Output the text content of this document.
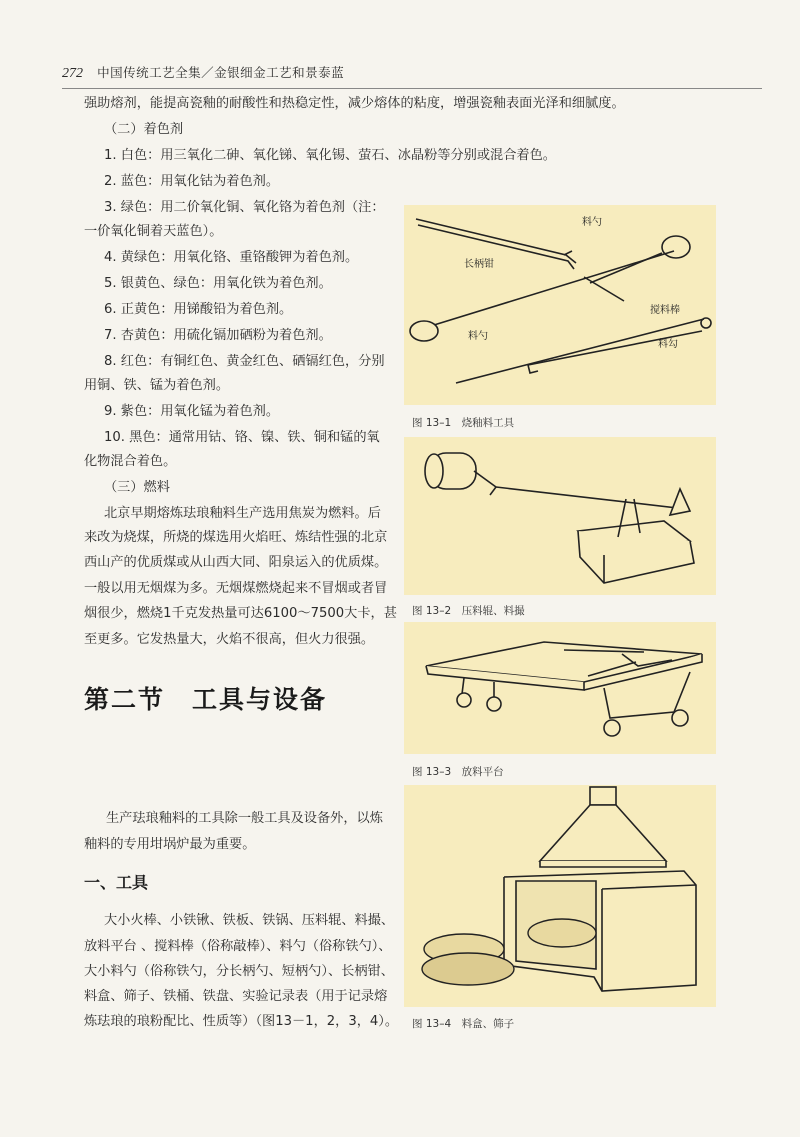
272 中国传统工艺全集／金银细金工艺和景泰蓝
强助熔剂，能提高瓷釉的耐酸性和热稳定性，减少熔体的粘度，增强瓷釉表面光泽和细腻度。
（二）着色剂
1. 白色：用三氧化二砷、氧化锑、氧化锡、萤石、冰晶粉等分别或混合着色。
2. 蓝色：用氧化钴为着色剂。
3. 绿色：用二价氧化铜、氧化铬为着色剂（注：
一价氧化铜着天蓝色）。
4. 黄绿色：用氧化铬、重铬酸钾为着色剂。
5. 银黄色、绿色：用氧化铁为着色剂。
6. 正黄色：用锑酸铅为着色剂。
7. 杏黄色：用硫化镉加硒粉为着色剂。
8. 红色：有铜红色、黄金红色、硒镉红色，分别
用铜、铁、锰为着色剂。
9. 紫色：用氧化锰为着色剂。
10. 黑色：通常用钴、铬、镍、铁、铜和锰的氧
化物混合着色。
（三）燃料
北京早期熔炼珐琅釉料生产选用焦炭为燃料。后
来改为烧煤，所烧的煤选用火焰旺、炼结性强的北京
西山产的优质煤或从山西大同、阳泉运入的优质煤。
一般以用无烟煤为多。无烟煤燃烧起来不冒烟或者冒
烟很少，燃烧1千克发热量可达6100～7500大卡，甚
至更多。它发热量大，火焰不很高，但火力很强。
第二节　工具与设备
生产珐琅釉料的工具除一般工具及设备外，以炼
釉料的专用坩埚炉最为重要。
一、工具
大小火棒、小铁锹、铁板、铁锅、压料辊、料撮、
放料平台 、搅料棒（俗称敲棒）、料勺（俗称铁勺）、
大小料勺（俗称铁勺，分长柄勺、短柄勺）、长柄钳、
料盒、筛子、铁桶、铁盘、实验记录表（用于记录熔
炼珐琅的琅粉配比、性质等）（图13－1，2，3，4）。
料勺
长柄钳
搅料棒
料勺
料勾
图 13–1　烧釉料工具
图 13–2　压料辊、料撮
图 13–3　放料平台
图 13–4　料盒、筛子
